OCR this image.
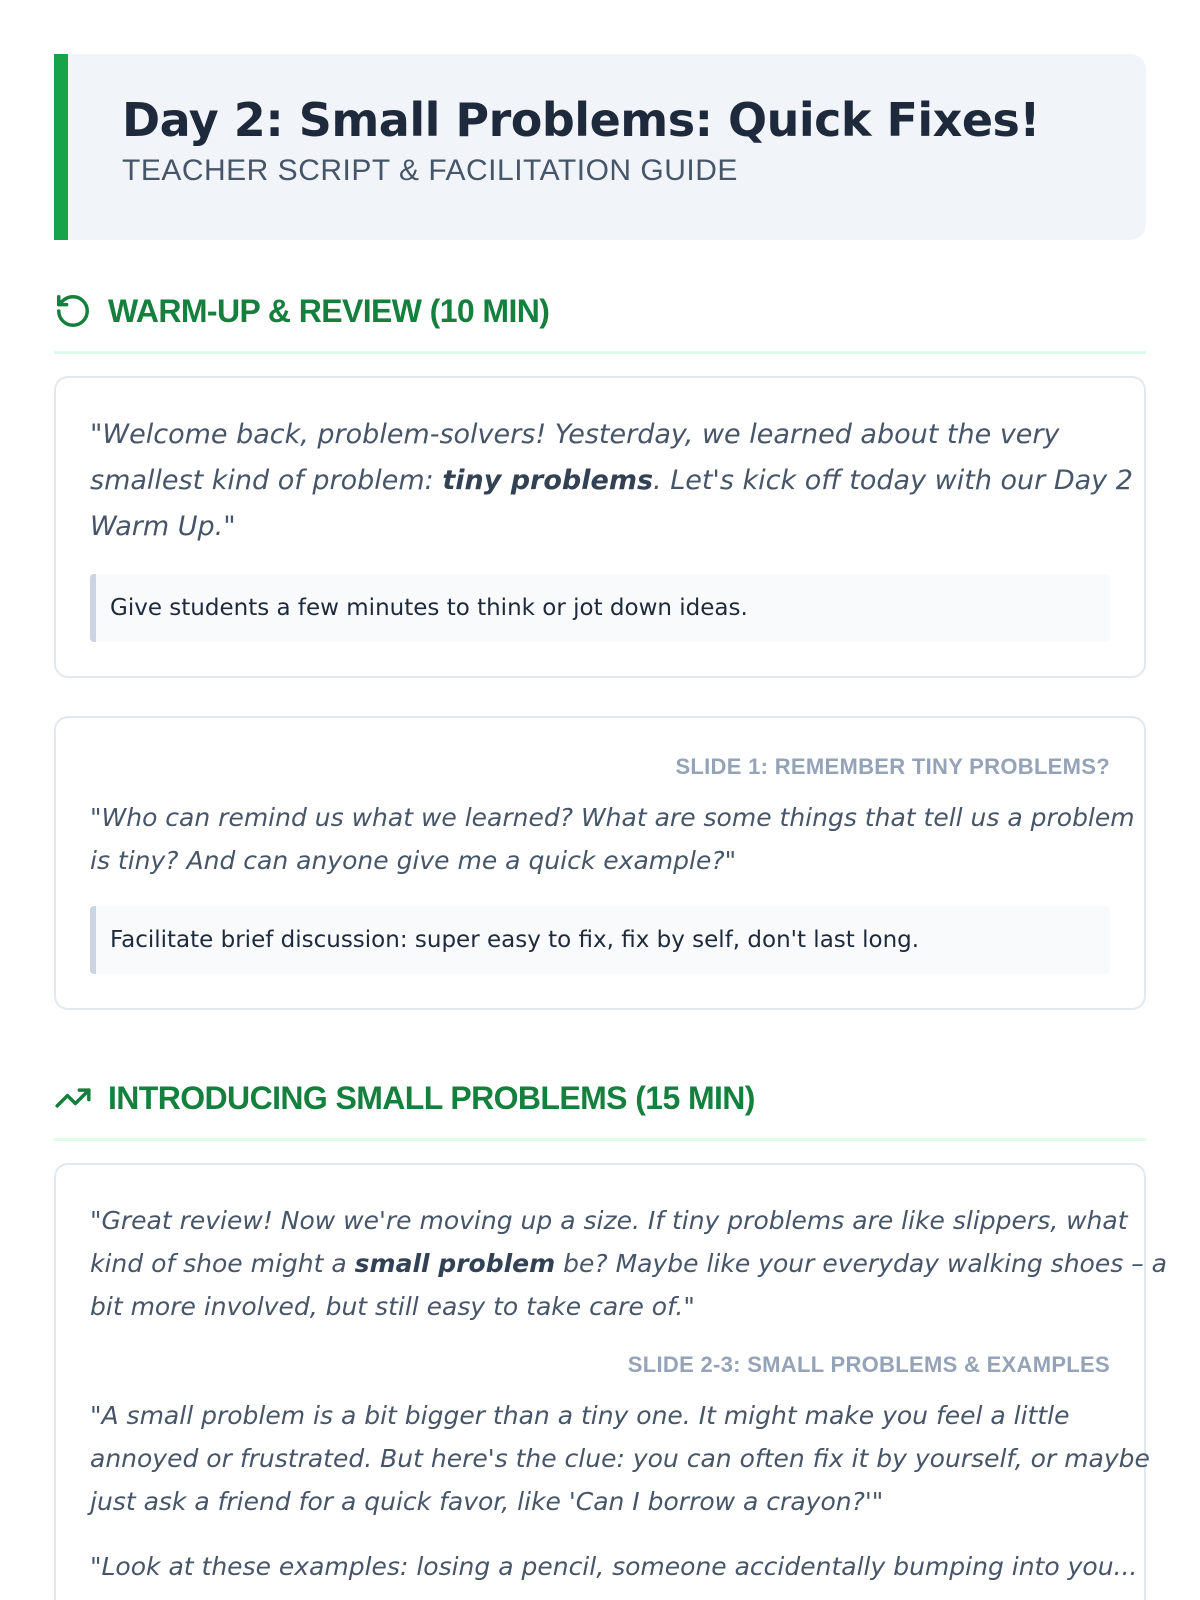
Day 2: Small Problems: Quick Fixes!
TEACHER SCRIPT & FACILITATION GUIDE
WARM-UP & REVIEW (10 MIN)
"Welcome back, problem-solvers! Yesterday, we learned about the very
smallest kind of problem: tiny problems. Let's kick off today with our Day 2
Warm Up."
Give students a few minutes to think or jot down ideas.
SLIDE 1: REMEMBER TINY PROBLEMS?
"Who can remind us what we learned? What are some things that tell us a problem
is tiny? And can anyone give me a quick example?"
Facilitate brief discussion: super easy to fix, fix by self, don't last long.
INTRODUCING SMALL PROBLEMS (15 MIN)
"Great review! Now we're moving up a size. If tiny problems are like slippers, what
kind of shoe might a small problem be? Maybe like your everyday walking shoes – a
bit more involved, but still easy to take care of."
SLIDE 2-3: SMALL PROBLEMS & EXAMPLES
"A small problem is a bit bigger than a tiny one. It might make you feel a little
annoyed or frustrated. But here's the clue: you can often fix it by yourself, or maybe
just ask a friend for a quick favor, like 'Can I borrow a crayon?'"
"Look at these examples: losing a pencil, someone accidentally bumping into you...
